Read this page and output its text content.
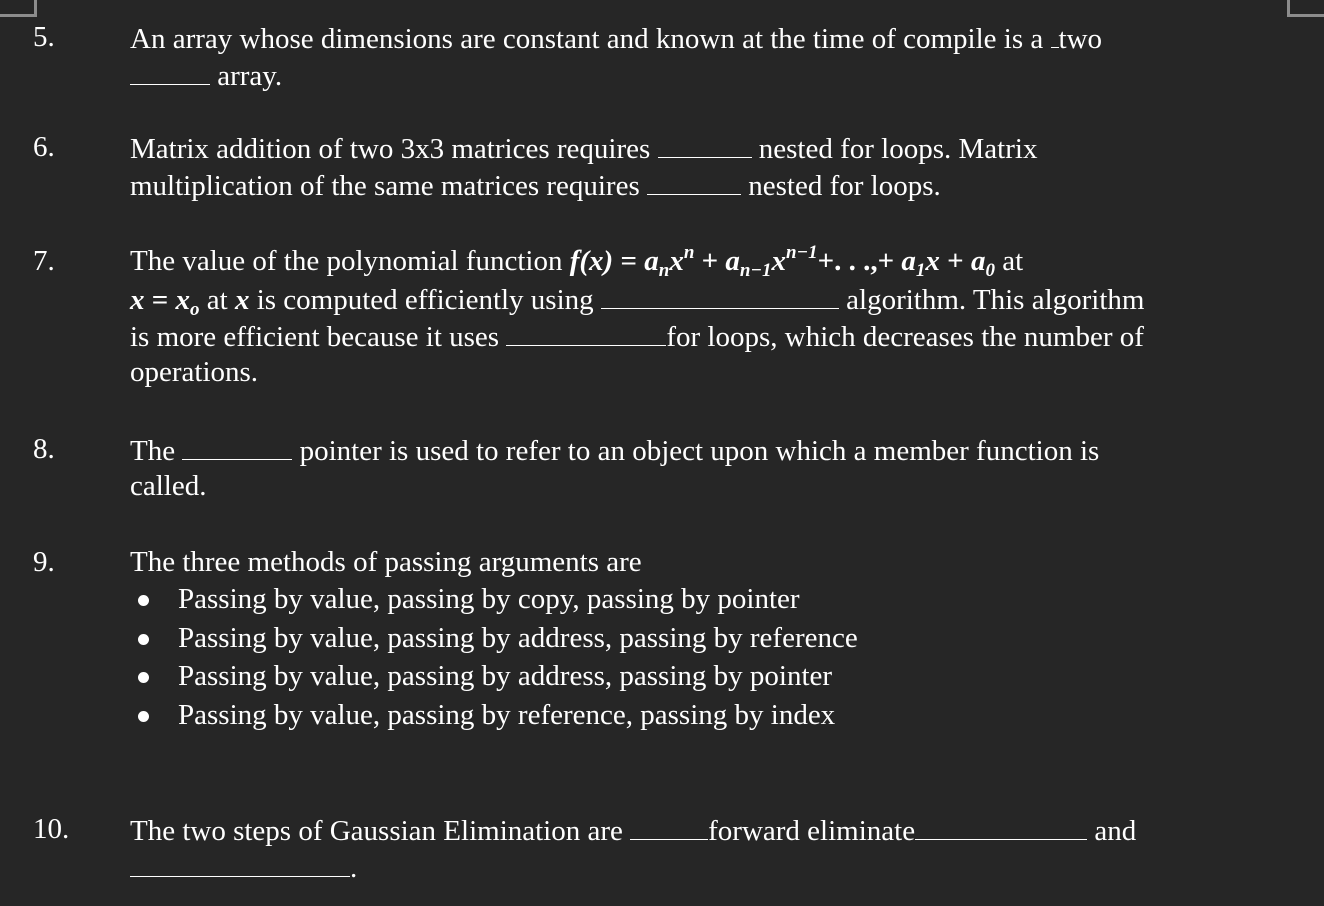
5.	An array whose dimensions are constant and known at the time of compile is a two
array.
6.	Matrix addition of two 3x3 matrices requires	nested for loops. Matrix
multiplication of the same matrices requires	nested for loops.
7.	The value of the polynomial function $f(x) = a_nx^n + a_{n-1}x^{n-1}+$. . .,+ $a_1x + a_0$ at
$x = x_o$ at x is computed efficiently using	algorithm. This algorithm
is more efficient because it uses	for loops, which decreases the number of
operations.
8.	The	pointer is used to refer to an object upon which a member function is
called.
9.	The three methods of passing arguments are
Passing by value, passing by copy, passing by pointer
Passing by value, passing by address, passing by reference
Passing by value, passing by address, passing by pointer
Passing by value, passing by reference, passing by index
10. The two steps of Gaussian Elimination are	forward eliminate	and
.
